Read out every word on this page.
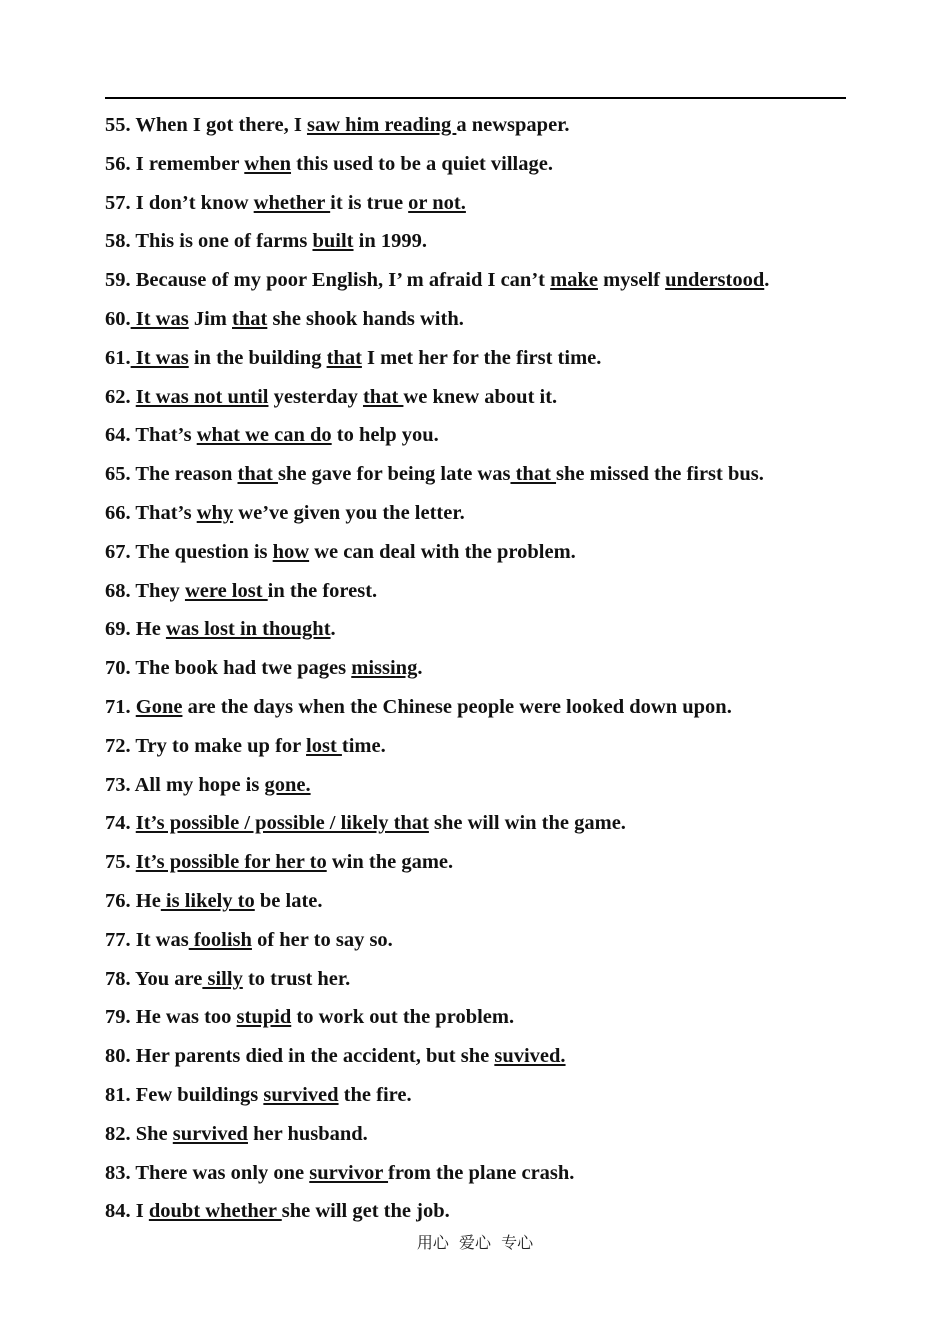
55. When I got there, I saw him reading a newspaper.
56. I remember when this used to be a quiet village.
57. I don’t know whether it is true or not.
58. This is one of farms built in 1999.
59. Because of my poor English, I’ m afraid I can’t make myself understood.
60. It was Jim that she shook hands with.
61. It was in the building that I met her for the first time.
62. It was not until yesterday that we knew about it.
64. That’s what we can do to help you.
65. The reason that she gave for being late was that she missed the first bus.
66. That’s why we’ve given you the letter.
67. The question is how we can deal with the problem.
68. They were lost in the forest.
69. He was lost in thought.
70. The book had twe pages missing.
71. Gone are the days when the Chinese people were looked down upon.
72. Try to make up for lost time.
73. All my hope is gone.
74. It’s possible / possible / likely that she will win the game.
75. It’s possible for her to win the game.
76. He is likely to be late.
77. It was foolish of her to say so.
78. You are silly to trust her.
79. He was too stupid to work out the problem.
80. Her parents died in the accident, but she suvived.
81. Few buildings survived the fire.
82. She survived her husband.
83. There was only one survivor from the plane crash.
84. I doubt whether she will get the job.
用心  爱心  专心
